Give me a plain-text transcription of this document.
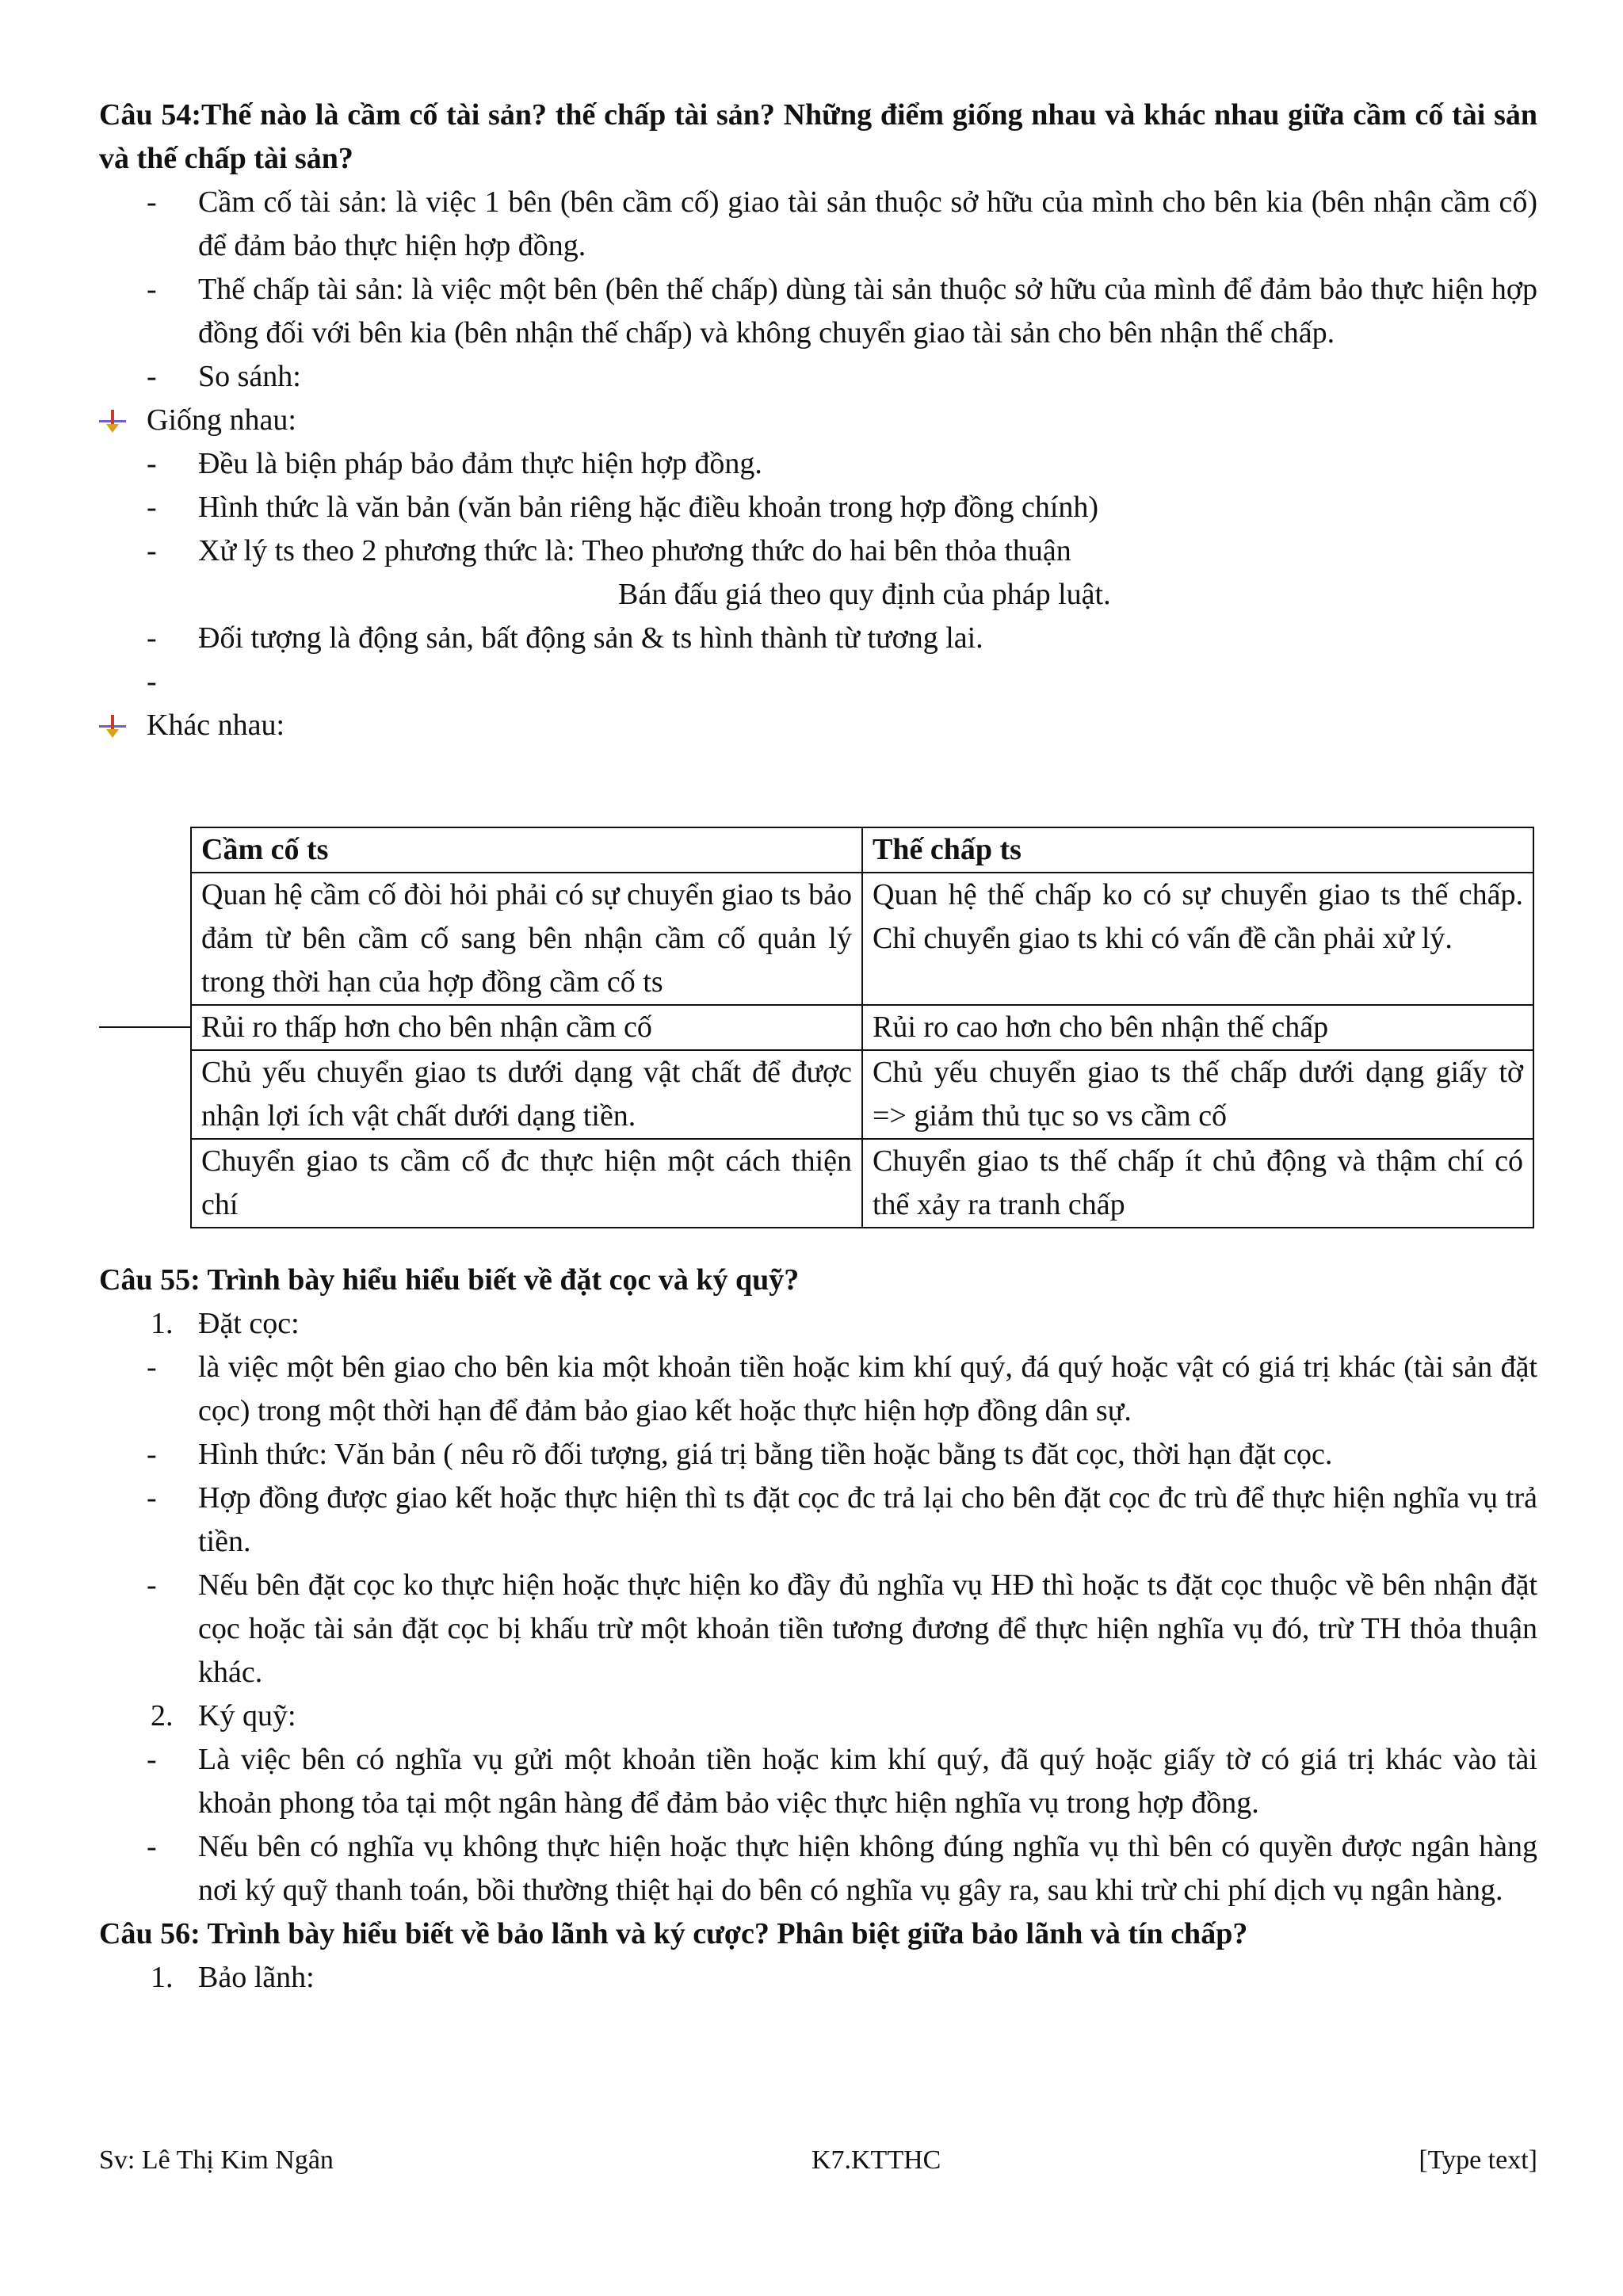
Câu 54:Thế nào là cầm cố tài sản? thế chấp tài sản? Những điểm giống nhau và khác nhau giữa cầm cố tài sản và thế chấp tài sản?

- Cầm cố tài sản: là việc 1 bên (bên cầm cố) giao tài sản thuộc sở hữu của mình cho bên kia (bên nhận cầm cố) để đảm bảo thực hiện hợp đồng.
- Thế chấp tài sản: là việc một bên (bên thế chấp) dùng tài sản thuộc sở hữu của mình để đảm bảo thực hiện hợp đồng đối với bên kia (bên nhận thế chấp) và không chuyển giao tài sản cho bên nhận thế chấp.
- So sánh:
Giống nhau:
- Đều là biện pháp bảo đảm thực hiện hợp đồng.
- Hình thức là văn bản (văn bản riêng hặc điều khoản trong hợp đồng chính)
- Xử lý ts theo 2 phương thức là: Theo phương thức do hai bên thỏa thuận
Bán đấu giá theo quy định của pháp luật.
- Đối tượng là động sản, bất động sản & ts hình thành từ tương lai.
-

Khác nhau:
Cầm cố ts	Thế chấp ts
Quan hệ cầm cố đòi hỏi phải có sự chuyển giao ts bảo đảm từ bên cầm cố sang bên nhận cầm cố quản lý trong thời hạn của hợp đồng cầm cố ts	Quan hệ thế chấp ko có sự chuyển giao ts thế chấp. Chỉ chuyển giao ts khi có vấn đề cần phải xử lý.
Rủi ro thấp hơn cho bên nhận cầm cố	Rủi ro cao hơn cho bên nhận thế chấp
Chủ yếu chuyển giao ts dưới dạng vật chất để được nhận lợi ích vật chất dưới dạng tiền.	Chủ yếu chuyển giao ts thế chấp dưới dạng giấy tờ => giảm thủ tục so vs cầm cố
Chuyển giao ts cầm cố đc thực hiện một cách thiện chí	Chuyển giao ts thế chấp ít chủ động và thậm chí có thể xảy ra tranh chấp

Câu 55: Trình bày hiểu hiểu biết về đặt cọc và ký quỹ?

1. Đặt cọc:
- là việc một bên giao cho bên kia một khoản tiền hoặc kim khí quý, đá quý hoặc vật có giá trị khác (tài sản đặt cọc) trong một thời hạn để đảm bảo giao kết hoặc thực hiện hợp đồng dân sự.
- Hình thức: Văn bản ( nêu rõ đối tượng, giá trị bằng tiền hoặc bằng ts đăt cọc, thời hạn đặt cọc.
- Hợp đồng được giao kết hoặc thực hiện thì ts đặt cọc đc trả lại cho bên đặt cọc đc trù để thực hiện nghĩa vụ trả tiền.
- Nếu bên đặt cọc ko thực hiện hoặc thực hiện ko đầy đủ nghĩa vụ HĐ thì hoặc ts đặt cọc thuộc về bên nhận đặt cọc hoặc tài sản đặt cọc bị khấu trừ một khoản tiền tương đương để thực hiện nghĩa vụ đó, trừ TH thỏa thuận khác.
2. Ký quỹ:
- Là việc bên có nghĩa vụ gửi một khoản tiền hoặc kim khí quý, đã quý hoặc giấy tờ có giá trị khác vào tài khoản phong tỏa tại một ngân hàng để đảm bảo việc thực hiện nghĩa vụ trong hợp đồng.
- Nếu bên có nghĩa vụ không thực hiện hoặc thực hiện không đúng nghĩa vụ thì bên có quyền được ngân hàng nơi ký quỹ thanh toán, bồi thường thiệt hại do bên có nghĩa vụ gây ra, sau khi trừ chi phí dịch vụ ngân hàng.

Câu 56: Trình bày hiểu biết về bảo lãnh và ký cược? Phân biệt giữa bảo lãnh và tín chấp?

1. Bảo lãnh:
Sv: Lê Thị Kim Ngân	K7.KTTHC	[Type text]
